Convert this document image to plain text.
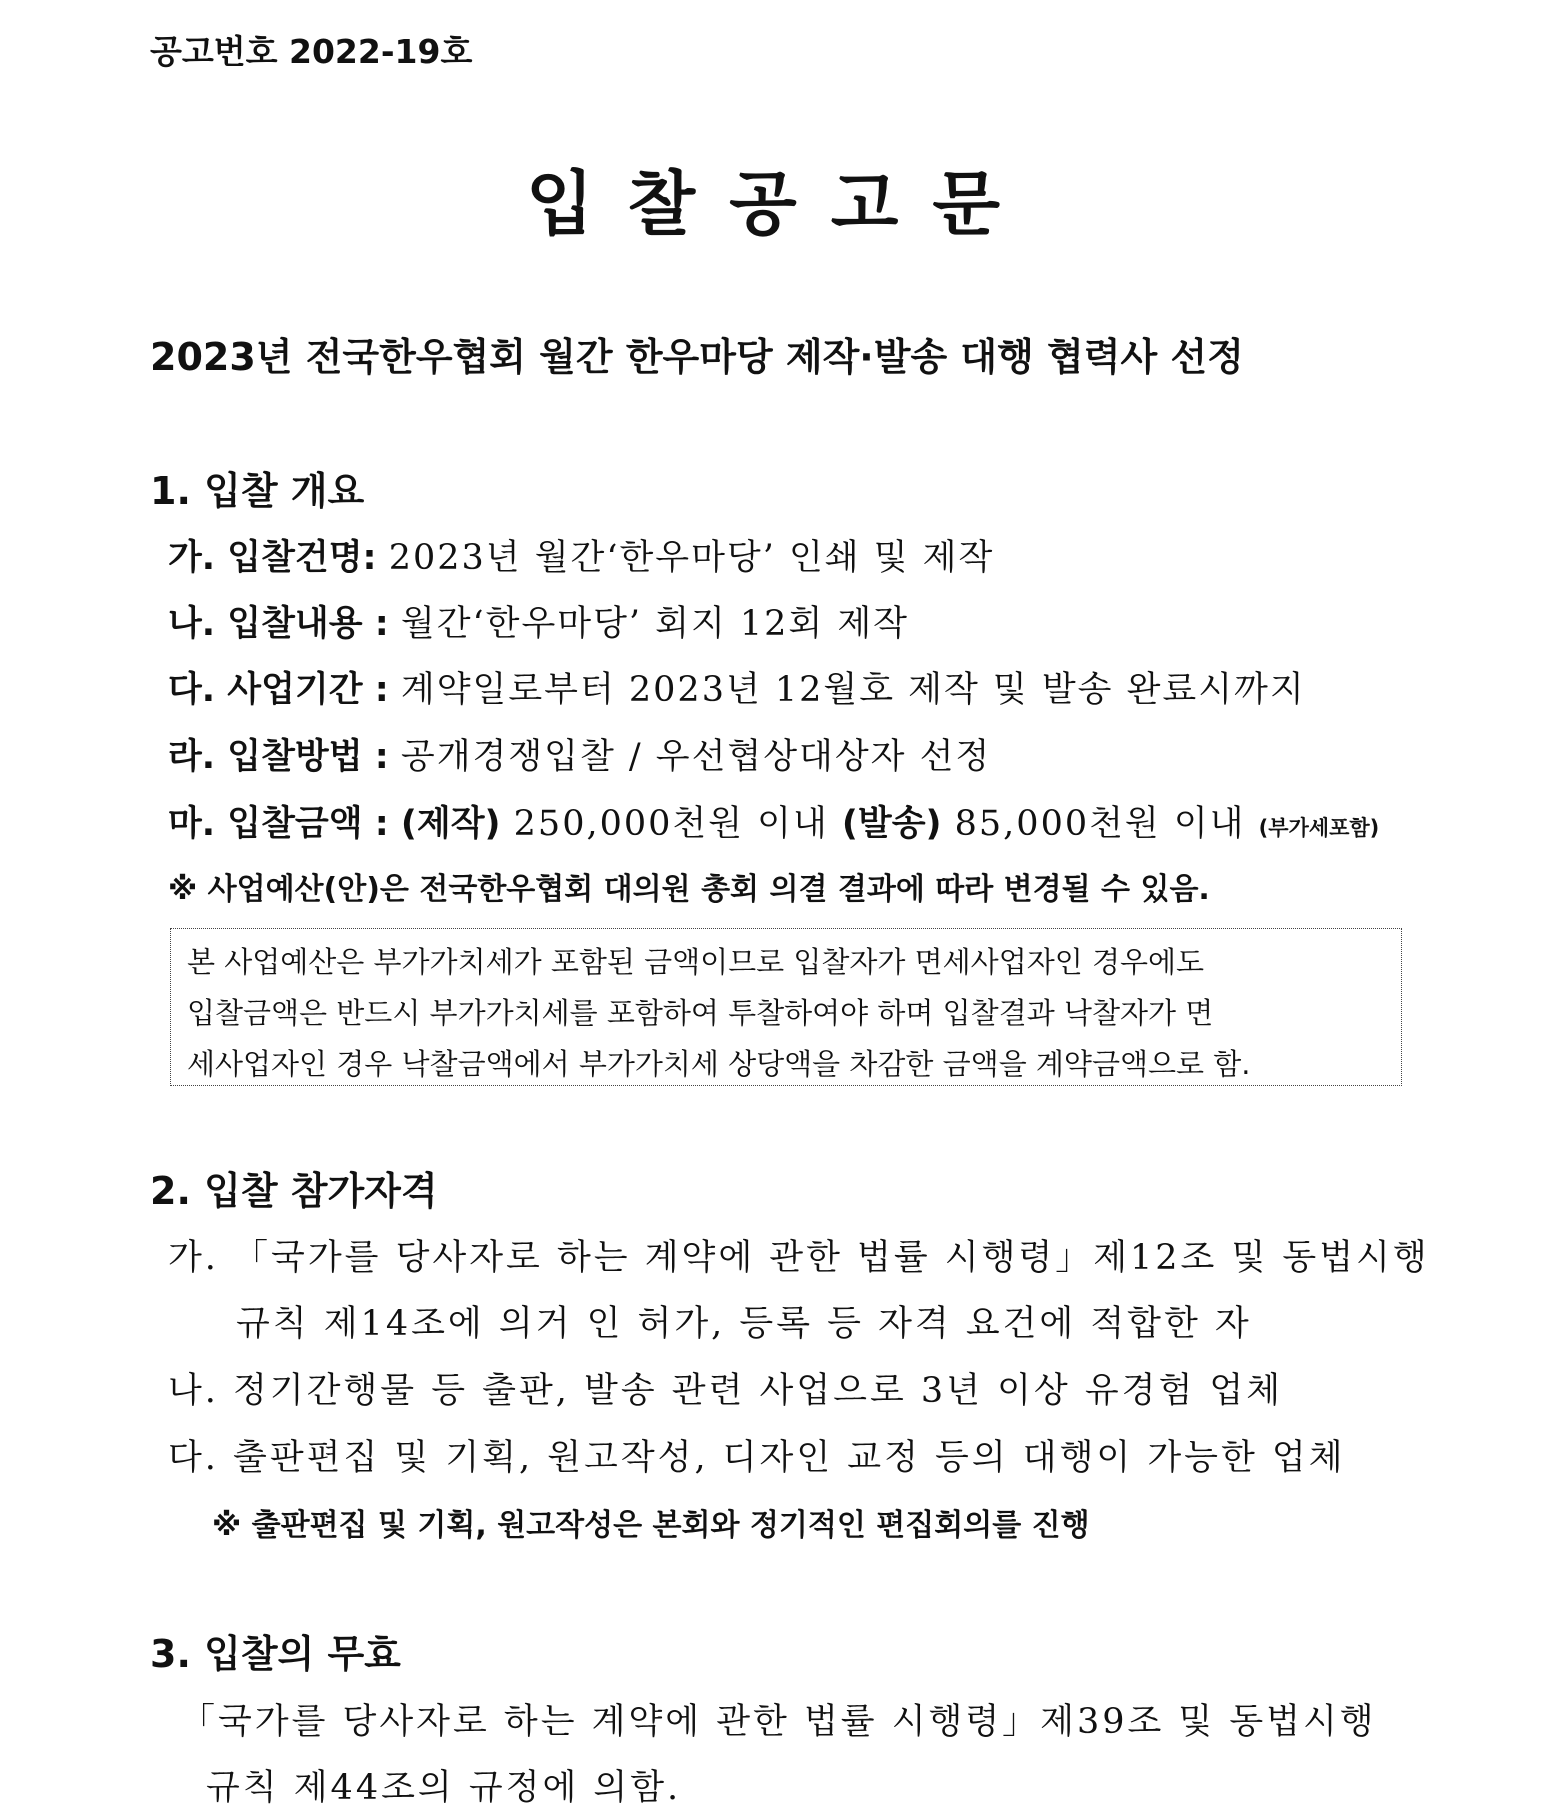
공고번호 2022-19호
입찰공고문
2023년 전국한우협회 월간 한우마당 제작·발송 대행 협력사 선정
1. 입찰 개요
가. 입찰건명: 2023년 월간‘한우마당’ 인쇄 및 제작
나. 입찰내용 : 월간‘한우마당’ 회지 12회 제작
다. 사업기간 : 계약일로부터 2023년 12월호 제작 및 발송 완료시까지
라. 입찰방법 : 공개경쟁입찰 / 우선협상대상자 선정
마. 입찰금액 : (제작) 250,000천원 이내 (발송) 85,000천원 이내 (부가세포함)
※ 사업예산(안)은 전국한우협회 대의원 총회 의결 결과에 따라 변경될 수 있음.
본 사업예산은 부가가치세가 포함된 금액이므로 입찰자가 면세사업자인 경우에도
입찰금액은 반드시 부가가치세를 포함하여 투찰하여야 하며 입찰결과 낙찰자가 면
세사업자인 경우 낙찰금액에서 부가가치세 상당액을 차감한 금액을 계약금액으로 함.
2. 입찰 참가자격
가. 「국가를 당사자로 하는 계약에 관한 법률 시행령」제12조 및 동법시행
규칙 제14조에 의거 인 허가, 등록 등 자격 요건에 적합한 자
나. 정기간행물 등 출판, 발송 관련 사업으로 3년 이상 유경험 업체
다. 출판편집 및 기획, 원고작성, 디자인 교정 등의 대행이 가능한 업체
※ 출판편집 및 기획, 원고작성은 본회와 정기적인 편집회의를 진행
3. 입찰의 무효
「국가를 당사자로 하는 계약에 관한 법률 시행령」제39조 및 동법시행
규칙 제44조의 규정에 의함.
